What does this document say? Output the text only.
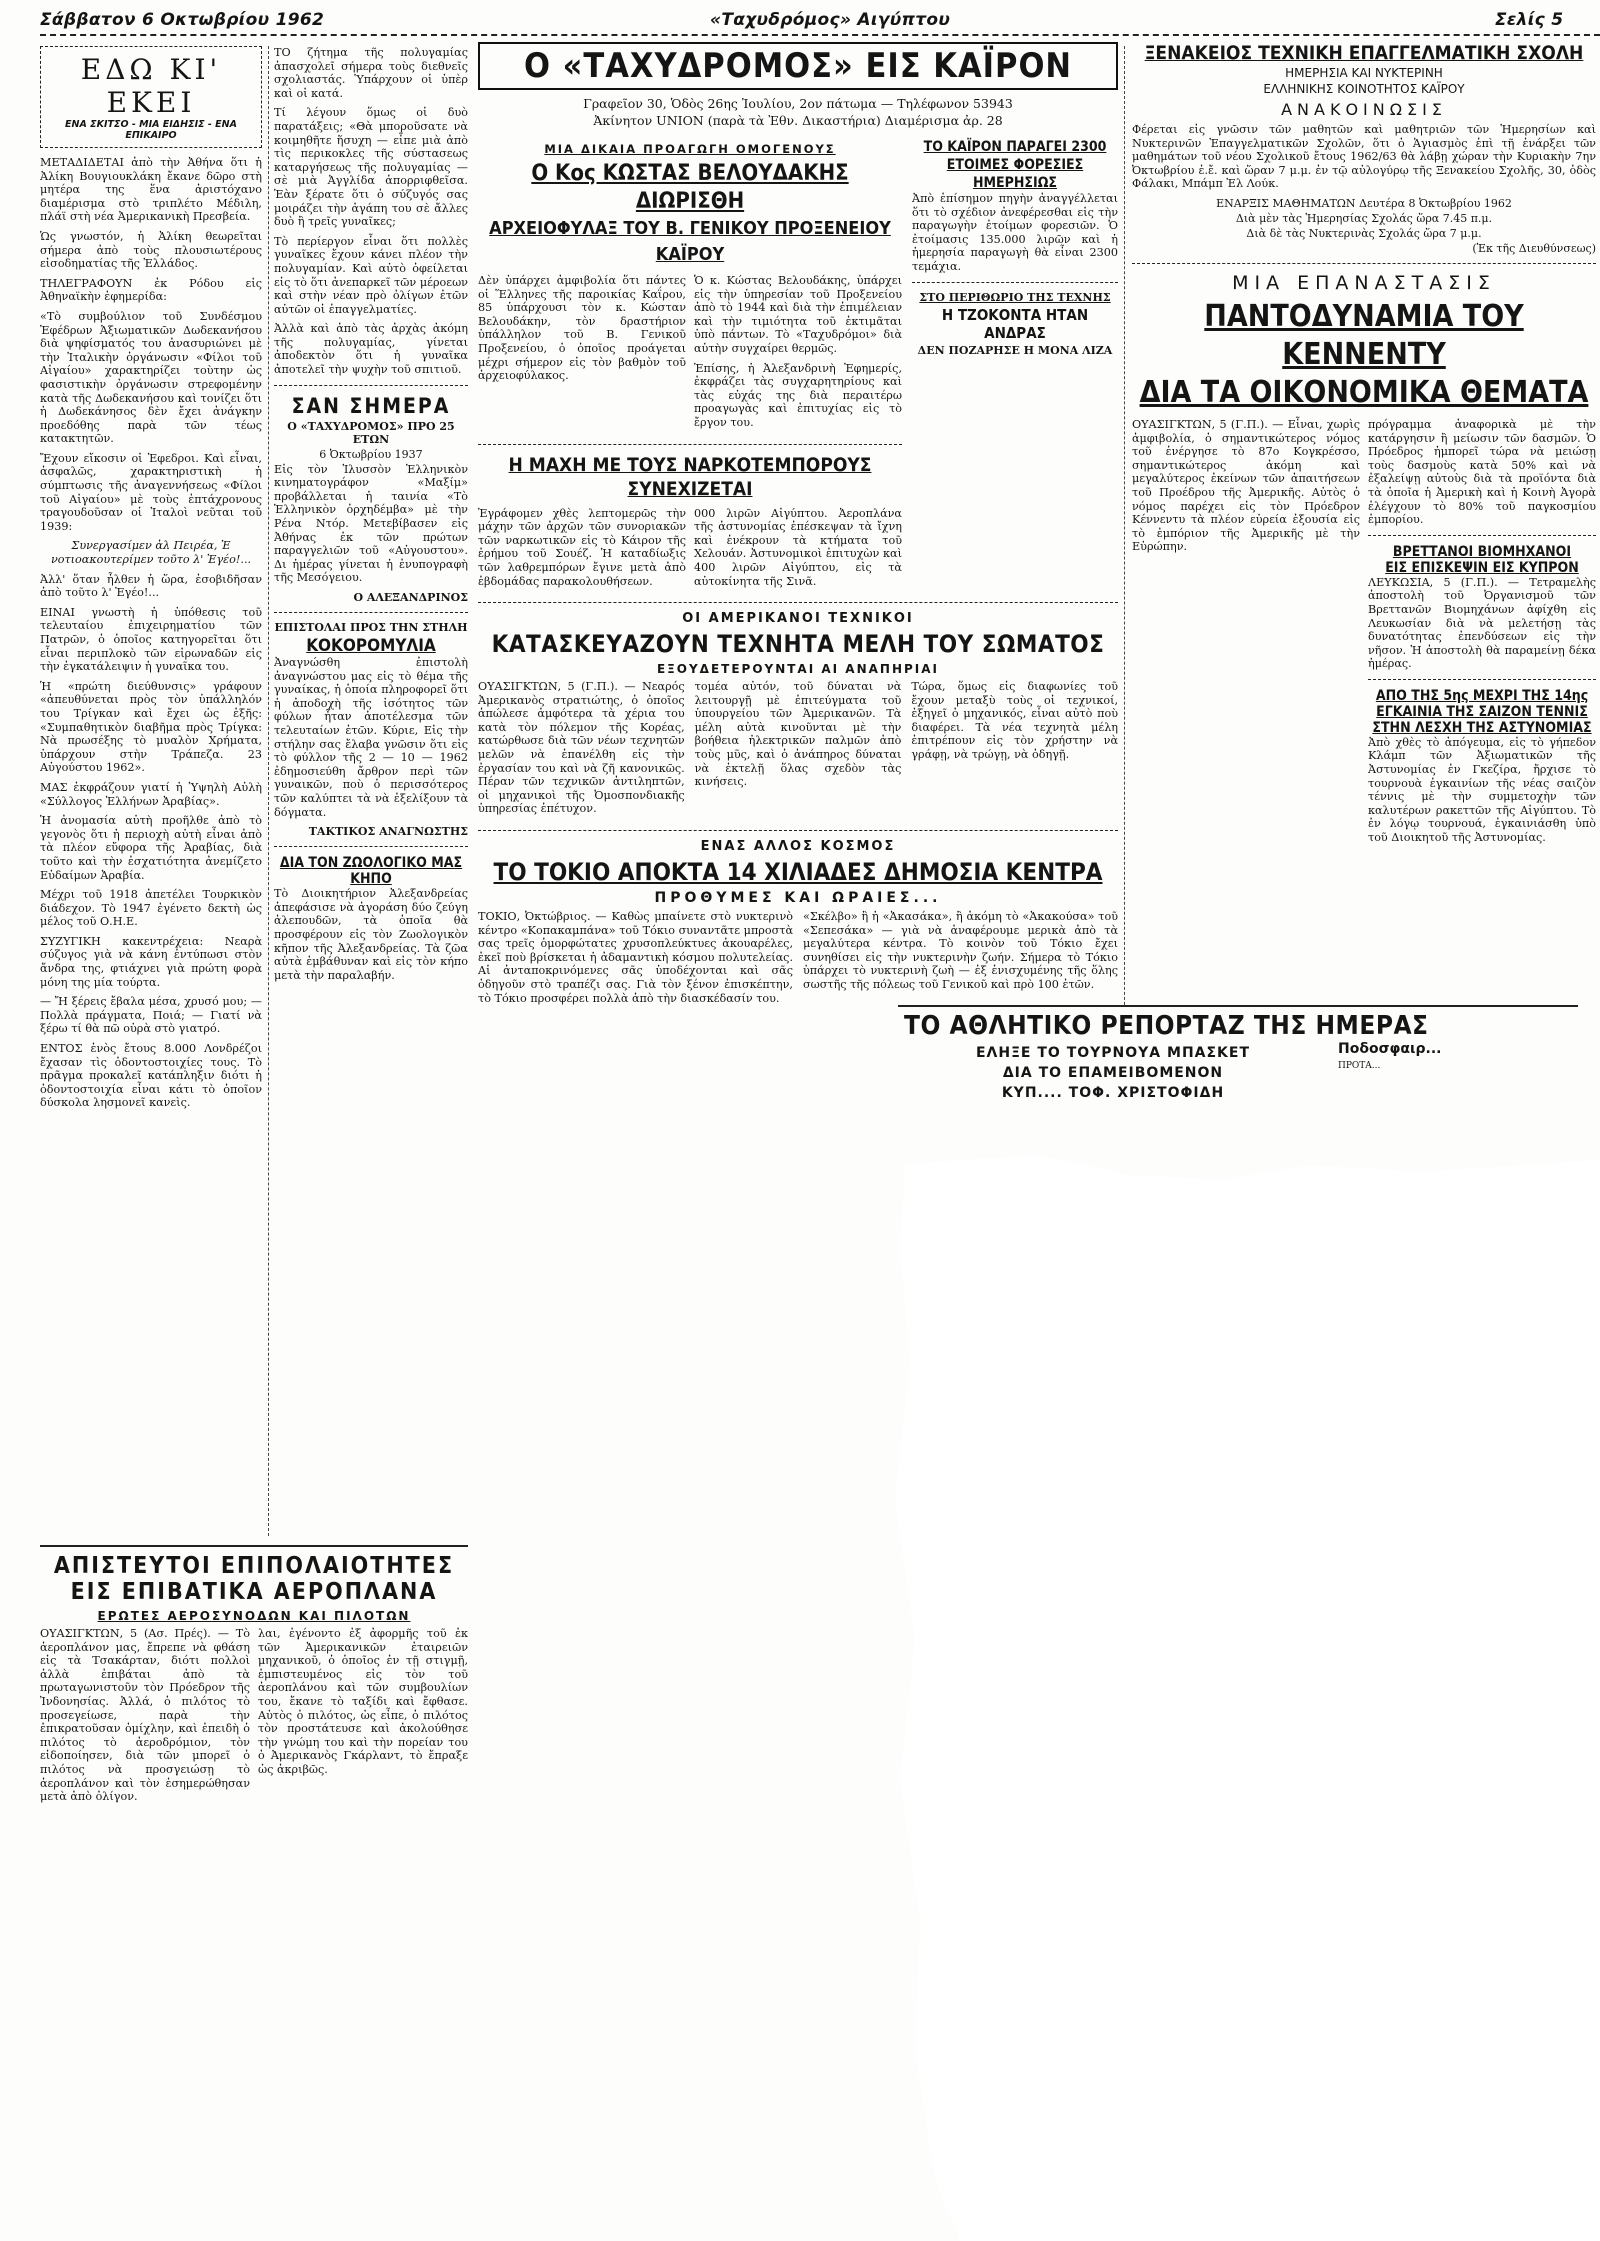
Σάββατον 6 Οκτωβρίου 1962	«Ταχυδρόμος» Αιγύπτου	Σελίς 5
ΕΔΩ ΚΙ' ΕΚΕΙ
ΕΝΑ ΣΚΙΤΣΟ - ΜΙΑ ΕΙΔΗΣΙΣ - ΕΝΑ ΕΠΙΚΑΙΡΟ

ΜΕΤΑΔΙΔΕΤΑΙ ἀπὸ τὴν Ἀθήνα ὅτι ἡ Ἀλίκη Βουγιουκλάκη ἔκανε δῶρο στὴ μητέρα της ἕνα ἀριστόχανο διαμέρισμα στὸ τριπλέτο Μέδιλη, πλάϊ στὴ νέα Ἀμερικανικὴ Πρεσβεία.

Ὡς γνωστόν, ἡ Ἀλίκη θεωρεῖται σήμερα ἀπὸ τοὺς πλουσιωτέρους εἰσοδηματίας τῆς Ἑλλάδος.

ΤΗΛΕΓΡΑΦΟΥΝ ἐκ Ρόδου εἰς Ἀθηναϊκὴν ἐφημερίδα:

«Τὸ συμβούλιον τοῦ Συνδέσμου Ἐφέδρων Ἀξιωματικῶν Δωδεκανήσου διὰ ψηφίσματός του ἀνασυριώνει μὲ τὴν Ἰταλικὴν ὀργάνωσιν «Φίλοι τοῦ Αἰγαίου» χαρακτηρίζει τοὺτην ὡς φασιστικὴν ὀργάνωσιν στρεφομένην κατὰ τῆς Δωδεκανήσου καὶ τονίζει ὅτι ἡ Δωδεκάνησος δὲν ἔχει ἀνάγκην προεδόθης παρὰ τῶν τέως κατακτητῶν.

Ἔχουν εἴκοσιν οἱ Ἐφεδροι. Καὶ εἶναι, ἀσφαλῶς, χαρακτηριστικὴ ἡ σύμπτωσις τῆς ἀναγεννήσεως «Φίλοι τοῦ Αἰγαίου» μὲ τοὺς ἐπτάχρονους τραγουδοῦσαν οἱ Ἰταλοὶ νεῦται τοῦ 1939:

Συνεργασίμεν ἀλ Πειρέα, Ἐ νοτιοακουτερίμεν τοῦτο λ' Ἐγέο!...

Ἀλλ' ὅταν ἦλθεν ἡ ὥρα, ἐσοβιδῆσαν ἀπὸ τοῦτο λ' Ἐγέο!...

ΕΙΝΑΙ γνωστὴ ἡ ὑπόθεσις τοῦ τελευταίου ἐπιχειρηματίου τῶν Πατρῶν, ὁ ὁποῖος κατηγορεῖται ὅτι εἶναι περιπλοκὸ τῶν εἰρωναδῶν εἰς τὴν ἐγκατάλειψιν ἡ γυναῖκα του.

Ἡ «πρώτη διεύθυνσις» γράφουν «ἀπευθύνεται πρὸς τὸν ὑπάλληλόν του Τρίγκαν καὶ ἔχει ὡς ἑξῆς: «Συμπαθητικὸν διαβῆμα πρὸς Τρίγκα: Νὰ πρωσέξης τὸ μυαλὸν Χρήματα, ὑπάρχουν στὴν Τράπεζα. 23 Αὐγούστου 1962».

ΜΑΣ ἐκφράζουν γιατί ἡ Ὑψηλὴ Αὐλὴ «Σύλλογος Ἑλλήνων Ἀραβίας».

Ἡ ἀνομασία αὐτὴ προῆλθε ἀπὸ τὸ γεγονὸς ὅτι ἡ περιοχὴ αὐτὴ εἶναι ἀπὸ τὰ πλέον εὔφορα τῆς Ἀραβίας, διὰ τοῦτο καὶ τὴν ἐσχατιότητα ἀνεμίζετο Εὐδαίμων Ἀραβία.

Μέχρι τοῦ 1918 ἀπετέλει Τουρκικὸν διάδεχον. Τὸ 1947 ἐγένετο δεκτὴ ὡς μέλος τοῦ Ο.Η.Ε.

ΣΥΖΥΓΙΚΗ κακεντρέχεια: Νεαρὰ σύζυγος γιὰ νὰ κάνη ἐντύπωσι στὸν ἄνδρα της, φτιάχνει γιὰ πρώτη φορὰ μόνη της μία τούρτα.

— Ἤ ξέρεις ἔβαλα μέσα, χρυσό μου; — Πολλὰ πράγματα, Ποιά; — Γιατί νὰ ξέρω τί θὰ πῶ οὐρὰ στὸ γιατρό.

ΕΝΤΟΣ ἑνὸς ἔτους 8.000 Λονδρέζοι ἔχασαν τὶς ὀδοντοστοιχίες τους. Τὸ πρᾶγμα προκαλεῖ κατάπληξιν διότι ἡ ὀδοντοστοιχία εἶναι κάτι τὸ ὁποῖον δύσκολα λησμονεῖ κανεὶς.

ΤΟ ζήτημα τῆς πολυγαμίας ἀπασχολεῖ σήμερα τοὺς διεθνεῖς σχολιαστάς. Ὑπάρχουν οἱ ὑπὲρ καὶ οἱ κατά.

Τί λέγουν ὅμως οἱ δυὸ παρατάξεις; «Θὰ μποροῦσατε νὰ κοιμηθῆτε ἥσυχη — εἶπε μιὰ ἀπὸ τὶς περικοκλες τῆς σύστασεως καταργήσεως τῆς πολυγαμίας — σὲ μιὰ Ἀγγλίδα ἀπορριφθεῖσα. Ἐὰν ξέρατε ὅτι ὁ σύζυγός σας μοιράζει τὴν ἀγάπη του σὲ ἄλλες δυὸ ἢ τρεῖς γυναῖκες;

Τὸ περίεργον εἶναι ὅτι πολλὲς γυναῖκες ἔχουν κάνει πλέον τὴν πολυγαμίαν. Καὶ αὐτὸ ὀφείλεται εἰς τὸ ὅτι ἀνεπαρκεῖ τῶν μέροεων καὶ στὴν νέαν πρὸ ὀλίγων ἐτῶν αὐτῶν οἱ ἐπαγγελματίες.

Ἀλλὰ καὶ ἀπὸ τὰς ἀρχὰς ἀκόμη τῆς πολυγαμίας, γίνεται ἀποδεκτὸν ὅτι ἡ γυναῖκα ἀποτελεῖ τὴν ψυχὴν τοῦ σπιτιοῦ.

ΣΑΝ ΣΗΜΕΡΑ
Ο «ΤΑΧΥΔΡΟΜΟΣ» ΠΡΟ 25 ΕΤΩΝ
6 Ὀκτωβρίου 1937

Εἰς τὸν Ἰλυσσὸν Ἑλληνικὸν κινηματογράφον «Μαξίμ» προβάλλεται ἡ ταινία «Τὸ Ἑλληνικὸν ὀρχηδέμβα» μὲ τὴν Ρένα Ντόρ. Μετεβίβασεν εἰς Ἀθήνας ἐκ τῶν πρώτων παραγγελιῶν τοῦ «Αὐγουστου». Δι ἡμέρας γίνεται ἡ ἐνυπογραφὴ τῆς Μεσόγειου.

Ο ΑΛΕΞΑΝΔΡΙΝΟΣ
ΕΠΙΣΤΟΛΑΙ ΠΡΟΣ ΤΗΝ ΣΤΗΛΗ
ΚΟΚΟΡΟΜΥΛΙΑ

Ἀναγνώσθη ἐπιστολὴ ἀναγνώστου μας εἰς τὸ θέμα τῆς γυναίκας, ἡ ὁποία πληροφορεῖ ὅτι ἡ ἀποδοχὴ τῆς ἰσότητος τῶν φύλων ἦταν ἀποτέλεσμα τῶν τελευταίων ἐτῶν. Κύριε, Εἰς τὴν στήλην σας ἔλαβα γνῶσιν ὅτι εἰς τὸ φύλλον τῆς 2 — 10 — 1962 ἐδημοσιεύθη ἄρθρον περὶ τῶν γυναικῶν, ποὺ ὁ περισσότερος τῶν καλύπτει τὰ νὰ ἐξελίξουν τὰ δόγματα.

ΤΑΚΤΙΚΟΣ ΑΝΑΓΝΩΣΤΗΣ
ΔΙΑ ΤΟΝ ΖΩΟΛΟΓΙΚΟ ΜΑΣ ΚΗΠΟ

Τὸ Διοικητήριον Ἀλεξανδρείας ἀπεφάσισε νὰ ἀγοράση δύο ζεύγη ἀλεπουδῶν, τὰ ὁποῖα θὰ προσφέρουν εἰς τὸν Ζωολογικὸν κῆπον τῆς Ἀλεξανδρείας. Τὰ ζῶα αὐτὰ ἐμβάθυναν καὶ εἰς τὸν κήπο μετὰ τὴν παραλαβήν.

ΑΠΙΣΤΕΥΤΟΙ ΕΠΙΠΟΛΑΙΟΤΗΤΕΣ
ΕΙΣ ΕΠΙΒΑΤΙΚΑ ΑΕΡΟΠΛΑΝΑ
ΕΡΩΤΕΣ ΑΕΡΟΣΥΝΟΔΩΝ ΚΑΙ ΠΙΛΟΤΩΝ

ΟΥΑΣΙΓΚΤΩΝ, 5 (Ασ. Πρές). — Τὸ ἀεροπλάνον μας, ἔπρεπε νὰ φθάση εἰς τὰ Τσακάρταν, διότι πολλοὶ ἀλλὰ ἐπιβάται ἀπὸ τὰ πρωταγωνιστοῦν τὸν Πρόεδρον τῆς Ἰνδονησίας. Ἀλλά, ὁ πιλότος τὸ προσεγείωσε, παρὰ τὴν ἐπικρατοῦσαν ὀμίχλην, καὶ ἐπειδὴ ὁ πιλότος τὸ ἀεροδρόμιον, τὸν εἰδοποίησεν, διὰ τῶν μπορεῖ ὁ πιλότος νὰ προσγειώσῃ τὸ ἀεροπλάνον καὶ τὸν ἐσημερώθησαν μετὰ ἀπὸ ὀλίγον.

λαι, ἐγένοντο ἐξ ἀφορμῆς τοῦ ἐκ τῶν Ἀμερικανικῶν ἐταιρειῶν μηχανικοῦ, ὁ ὁποῖος ἐν τῇ στιγμῇ, ἐμπιστευμένος εἰς τὸν τοῦ ἀεροπλάνου καὶ τῶν συμβουλίων του, ἔκανε τὸ ταξίδι καὶ ἔφθασε. Αὐτὸς ὁ πιλότος, ὡς εἶπε, ὁ πιλότος τὸν προστάτευσε καὶ ἀκολούθησε τὴν γνώμη του καὶ τὴν πορείαν του ὁ Ἀμερικανὸς Γκάρλαντ, τὸ ἔπραξε ὡς ἀκριβῶς.

Ο «ΤΑΧΥΔΡΟΜΟΣ» ΕΙΣ ΚΑΪΡΟΝ
Γραφεῖον 30, Ὁδὸς 26ης Ἰουλίου, 2ον πάτωμα — Τηλέφωνον 53943
Ἀκίνητον UNION (παρὰ τὰ Ἐθν. Δικαστήρια) Διαμέρισμα ἀρ. 28
ΜΙΑ ΔΙΚΑΙΑ ΠΡΟΑΓΩΓΗ ΟΜΟΓΕΝΟΥΣ
Ο Κος ΚΩΣΤΑΣ ΒΕΛΟΥΔΑΚΗΣ ΔΙΩΡΙΣΘΗ
ΑΡΧΕΙΟΦΥΛΑΞ ΤΟΥ Β. ΓΕΝΙΚΟΥ ΠΡΟΞΕΝΕΙΟΥ ΚΑΪΡΟΥ

Δὲν ὑπάρχει ἀμφιβολία ὅτι πάντες οἱ Ἕλληνες τῆς παροικίας Καΐρου, 85 ὑπάρχουσι τὸν κ. Κώσταν Βελουδάκην, τὸν δραστήριον ὑπάλληλον τοῦ Β. Γενικοῦ Προξενείου, ὁ ὁποῖος προάγεται μέχρι σήμερον εἰς τὸν βαθμὸν τοῦ ἀρχειοφύλακος.

Ὁ κ. Κώστας Βελουδάκης, ὑπάρχει εἰς τὴν ὑπηρεσίαν τοῦ Προξενείου ἀπὸ τὸ 1944 καὶ διὰ τὴν ἐπιμέλειαν καὶ τὴν τιμιότητα τοῦ ἐκτιμᾶται ὑπὸ πάντων. Τὸ «Ταχυδρόμοι» διὰ αὐτὴν συγχαίρει θερμῶς.

Ἐπίσης, ἡ Ἀλεξανδρινὴ Ἐφημερίς, ἐκφράζει τὰς συγχαρητηρίους καὶ τὰς εὐχάς της διὰ περαιτέρω προαγωγὰς καὶ ἐπιτυχίας εἰς τὸ ἔργον του.

Η ΜΑΧΗ ΜΕ ΤΟΥΣ ΝΑΡΚΟΤΕΜΠΟΡΟΥΣ ΣΥΝΕΧΙΖΕΤΑΙ

Ἐγράφομεν χθὲς λεπτομερῶς τὴν μάχην τῶν ἀρχῶν τῶν συνοριακῶν τῶν ναρκωτικῶν εἰς τὸ Κάιρον τῆς ἐρήμου τοῦ Σουέζ. Ἡ καταδίωξις τῶν λαθρεμπόρων ἔγινε μετὰ ἀπὸ ἑβδομάδας παρακολουθήσεων.

000 λιρῶν Αἰγύπτου. Ἀεροπλάνα τῆς ἀστυνομίας ἐπέσκεψαν τὰ ἴχνη καὶ ἐνέκρουν τὰ κτήματα τοῦ Χελουάν. Ἀστυνομικοὶ ἐπιτυχὼν καὶ 400 λιρῶν Αἰγύπτου, εἰς τὰ αὐτοκίνητα τῆς Σινᾶ.

ΤΟ ΚΑΪΡΟΝ ΠΑΡΑΓΕΙ 2300 ΕΤΟΙΜΕΣ ΦΟΡΕΣΙΕΣ ΗΜΕΡΗΣΙΩΣ

Ἀπὸ ἐπίσημον πηγὴν ἀναγγέλλεται ὅτι τὸ σχέδιον ἀνεφέρεσθαι εἰς τὴν παραγωγὴν ἐτοίμων φορεσιῶν. Ὁ ἐτοίμασις 135.000 λιρῶν καὶ ἡ ἡμερησία παραγωγὴ θὰ εἶναι 2300 τεμάχια.

ΣΤΟ ΠΕΡΙΘΩΡΙΟ ΤΗΣ ΤΕΧΝΗΣ
Η ΤΖΟΚΟΝΤΑ ΗΤΑΝ ΑΝΔΡΑΣ
ΔΕΝ ΠΟΖΑΡΗΣΕ Η ΜΟΝΑ ΛΙΖΑ
ΟΙ ΑΜΕΡΙΚΑΝΟΙ ΤΕΧΝΙΚΟΙ
ΚΑΤΑΣΚΕΥΑΖΟΥΝ ΤΕΧΝΗΤΑ ΜΕΛΗ ΤΟΥ ΣΩΜΑΤΟΣ
ΕΞΟΥΔΕΤΕΡΟΥΝΤΑΙ ΑΙ ΑΝΑΠΗΡΙΑΙ

ΟΥΑΣΙΓΚΤΩΝ, 5 (Γ.Π.). — Νεαρός Ἀμερικανὸς στρατιώτης, ὁ ὁποῖος ἀπώλεσε ἀμφότερα τὰ χέρια του κατὰ τὸν πόλεμον τῆς Κορέας, κατώρθωσε διὰ τῶν νέων τεχνητῶν μελῶν νὰ ἐπανέλθη εἰς τὴν ἐργασίαν του καὶ νὰ ζῆ κανονικῶς. Πέραν τῶν τεχνικῶν ἀντιληπτῶν, οἱ μηχανικοὶ τῆς Ὀμοσπονδιακῆς ὑπηρεσίας ἐπέτυχον.

τομέα αὐτόν, τοῦ δύναται νὰ λειτουργῇ μὲ ἐπιτεύγματα τοῦ ὑπουργείου τῶν Ἀμερικανῶν. Τὰ μέλη αὐτὰ κινοῦνται μὲ τὴν βοήθεια ἠλεκτρικῶν παλμῶν ἀπὸ τοὺς μῦς, καὶ ὁ ἀνάπηρος δύναται νὰ ἐκτελῇ ὅλας σχεδὸν τὰς κινήσεις.

Τώρα, ὅμως εἰς διαφωνίες τοῦ ἔχουν μεταξὺ τοὺς οἱ τεχνικοί, ἐξηγεῖ ὁ μηχανικός, εἶναι αὐτὸ ποὺ διαφέρει. Τὰ νέα τεχνητὰ μέλη ἐπιτρέπουν εἰς τὸν χρήστην νὰ γράφῃ, νὰ τρώγῃ, νὰ ὁδηγῇ.

ΕΝΑΣ ΑΛΛΟΣ ΚΟΣΜΟΣ
ΤΟ ΤΟΚΙΟ ΑΠΟΚΤΑ 14 ΧΙΛΙΑΔΕΣ ΔΗΜΟΣΙΑ ΚΕΝΤΡΑ
ΠΡΟΘΥΜΕΣ ΚΑΙ ΩΡΑΙΕΣ...

ΤΟΚΙΟ, Ὀκτώβριος. — Καθὼς μπαίνετε στὸ νυκτερινὸ κέντρο «Κοπακαμπάνα» τοῦ Τόκιο συναντᾶτε μπροστὰ σας τρεῖς ὁμορφώτατες χρυσοπλεύκτυες ἀκουαρέλες, ἐκεῖ ποὺ βρίσκεται ἡ ἀδαμαντικὴ κόσμου πολυτελείας. Αἱ ἀνταποκρινόμενες σᾶς ὑποδέχονται καὶ σᾶς ὁδηγοῦν στὸ τραπέζι σας. Γιὰ τὸν ξένον ἐπισκέπτην, τὸ Τόκιο προσφέρει πολλὰ ἀπὸ τὴν διασκέδασίν του.

«Σκέλβο» ἢ ἡ «Ἀκασάκα», ἢ ἀκόμη τὸ «Ἀκακούσα» τοῦ «Σεπεσάκα» — γιὰ νὰ ἀναφέρουμε μερικὰ ἀπὸ τὰ μεγαλύτερα κέντρα. Τὸ κοινὸν τοῦ Τόκιο ἔχει συνηθίσει εἰς τὴν νυκτερινὴν ζωήν. Σήμερα τὸ Τόκιο ὑπάρχει τὸ νυκτερινὴ ζωὴ — ἐξ ἐνισχυμένης τῆς ὅλης σωστῆς τῆς πόλεως τοῦ Γενικοῦ καὶ πρὸ 100 ἐτῶν.

ΞΕΝΑΚΕΙΟΣ ΤΕΧΝΙΚΗ ΕΠΑΓΓΕΛΜΑΤΙΚΗ ΣΧΟΛΗ
ΗΜΕΡΗΣΙΑ ΚΑΙ ΝΥΚΤΕΡΙΝΗ
ΕΛΛΗΝΙΚΗΣ ΚΟΙΝΟΤΗΤΟΣ ΚΑΪΡΟΥ
ΑΝΑΚΟΙΝΩΣΙΣ

Φέρεται εἰς γνῶσιν τῶν μαθητῶν καὶ μαθητριῶν τῶν Ἡμερησίων καὶ Νυκτερινῶν Ἐπαγγελματικῶν Σχολῶν, ὅτι ὁ Ἁγιασμὸς ἐπὶ τῇ ἐνάρξει τῶν μαθημάτων τοῦ νέου Σχολικοῦ ἔτους 1962/63 θὰ λάβῃ χώραν τὴν Κυριακὴν 7ην Ὀκτωβρίου ἐ.ἔ. καὶ ὥραν 7 μ.μ. ἐν τῷ αὐλογύρῳ τῆς Ξενακείου Σχολῆς, 30, ὁδὸς Φάλακι, Μπάμπ Ἐλ Λούκ.

ΕΝΑΡΞΙΣ ΜΑΘΗΜΑΤΩΝ Δευτέρα 8 Ὀκτωβρίου 1962
Διὰ μὲν τὰς Ἡμερησίας Σχολάς ὥρα 7.45 π.μ.
Διὰ δὲ τὰς Νυκτερινὰς Σχολάς ὥρα 7 μ.μ.
(Ἐκ τῆς Διευθύνσεως)
ΜΙΑ ΕΠΑΝΑΣΤΑΣΙΣ
ΠΑΝΤΟΔΥΝΑΜΙΑ ΤΟΥ ΚΕΝΝΕΝΤΥ
ΔΙΑ ΤΑ ΟΙΚΟΝΟΜΙΚΑ ΘΕΜΑΤΑ

ΟΥΑΣΙΓΚΤΩΝ, 5 (Γ.Π.). — Εἶναι, χωρὶς ἀμφιβολία, ὁ σημαντικώτερος νόμος τοῦ ἐνέργησε τὸ 87ο Κογκρέσσο, σημαντικώτερος ἀκόμη καὶ μεγαλύτερος ἐκείνων τῶν ἀπαιτήσεων τοῦ Προέδρου τῆς Ἀμερικῆς. Αὐτὸς ὁ νόμος παρέχει εἰς τὸν Πρόεδρον Κέννεντυ τὰ πλέον εὐρεία ἐξουσία εἰς τὸ ἐμπόριον τῆς Ἀμερικῆς μὲ τὴν Εὐρώπην.

πρόγραμμα ἀναφορικὰ μὲ τὴν κατάργησιν ἢ μείωσιν τῶν δασμῶν. Ὁ Πρόεδρος ἠμπορεῖ τώρα νὰ μειώσῃ τοὺς δασμοὺς κατὰ 50% καὶ νὰ ἐξαλείψῃ αὐτοὺς διὰ τὰ προϊόντα διὰ τὰ ὁποῖα ἡ Ἀμερικὴ καὶ ἡ Κοινὴ Ἀγορὰ ἐλέγχουν τὸ 80% τοῦ παγκοσμίου ἐμπορίου.

ΒΡΕΤΤΑΝΟΙ ΒΙΟΜΗΧΑΝΟΙ
ΕΙΣ ΕΠΙΣΚΕΨΙΝ ΕΙΣ ΚΥΠΡΟΝ

ΛΕΥΚΩΣΙΑ, 5 (Γ.Π.). — Τετραμελὴς ἀποστολὴ τοῦ Ὀργανισμοῦ τῶν Βρεττανῶν Βιομηχάνων ἀφίχθη εἰς Λευκωσίαν διὰ νὰ μελετήσῃ τὰς δυνατότητας ἐπενδύσεων εἰς τὴν νῆσον. Ἡ ἀποστολὴ θὰ παραμείνῃ δέκα ἡμέρας.

ΑΠΟ ΤΗΣ 5ης ΜΕΧΡΙ ΤΗΣ 14ης
ΕΓΚΑΙΝΙΑ ΤΗΣ ΣΑΙΖΟΝ ΤΕΝΝΙΣ
ΣΤΗΝ ΛΕΣΧΗ ΤΗΣ ΑΣΤΥΝΟΜΙΑΣ

Ἀπὸ χθὲς τὸ ἀπόγευμα, εἰς τὸ γήπεδον Κλάμπ τῶν Ἀξιωματικῶν τῆς Ἀστυνομίας ἐν Γκεζίρα, ἤρχισε τὸ τουρνουὰ ἐγκαινίων τῆς νέας σαιζὸν τέννις μὲ τὴν συμμετοχὴν τῶν καλυτέρων ρακεττῶν τῆς Αἰγύπτου. Τὸ ἐν λόγῳ τουρνουά, ἐγκαινιάσθη ὑπὸ τοῦ Διοικητοῦ τῆς Ἀστυνομίας.

ΤΟ ΑΘΛΗΤΙΚΟ ΡΕΠΟΡΤΑΖ ΤΗΣ ΗΜΕΡΑΣ
ΕΛΗΞΕ ΤΟ ΤΟΥΡΝΟΥΑ ΜΠΑΣΚΕΤ
ΔΙΑ ΤΟ ΕΠΑΜΕΙΒΟΜΕΝΟΝ
ΚΥΠ.... ΤΟΦ. ΧΡΙΣΤΟΦΙΔΗ
Ποδοσφαιρ...
ΠΡΟΤΑ...
